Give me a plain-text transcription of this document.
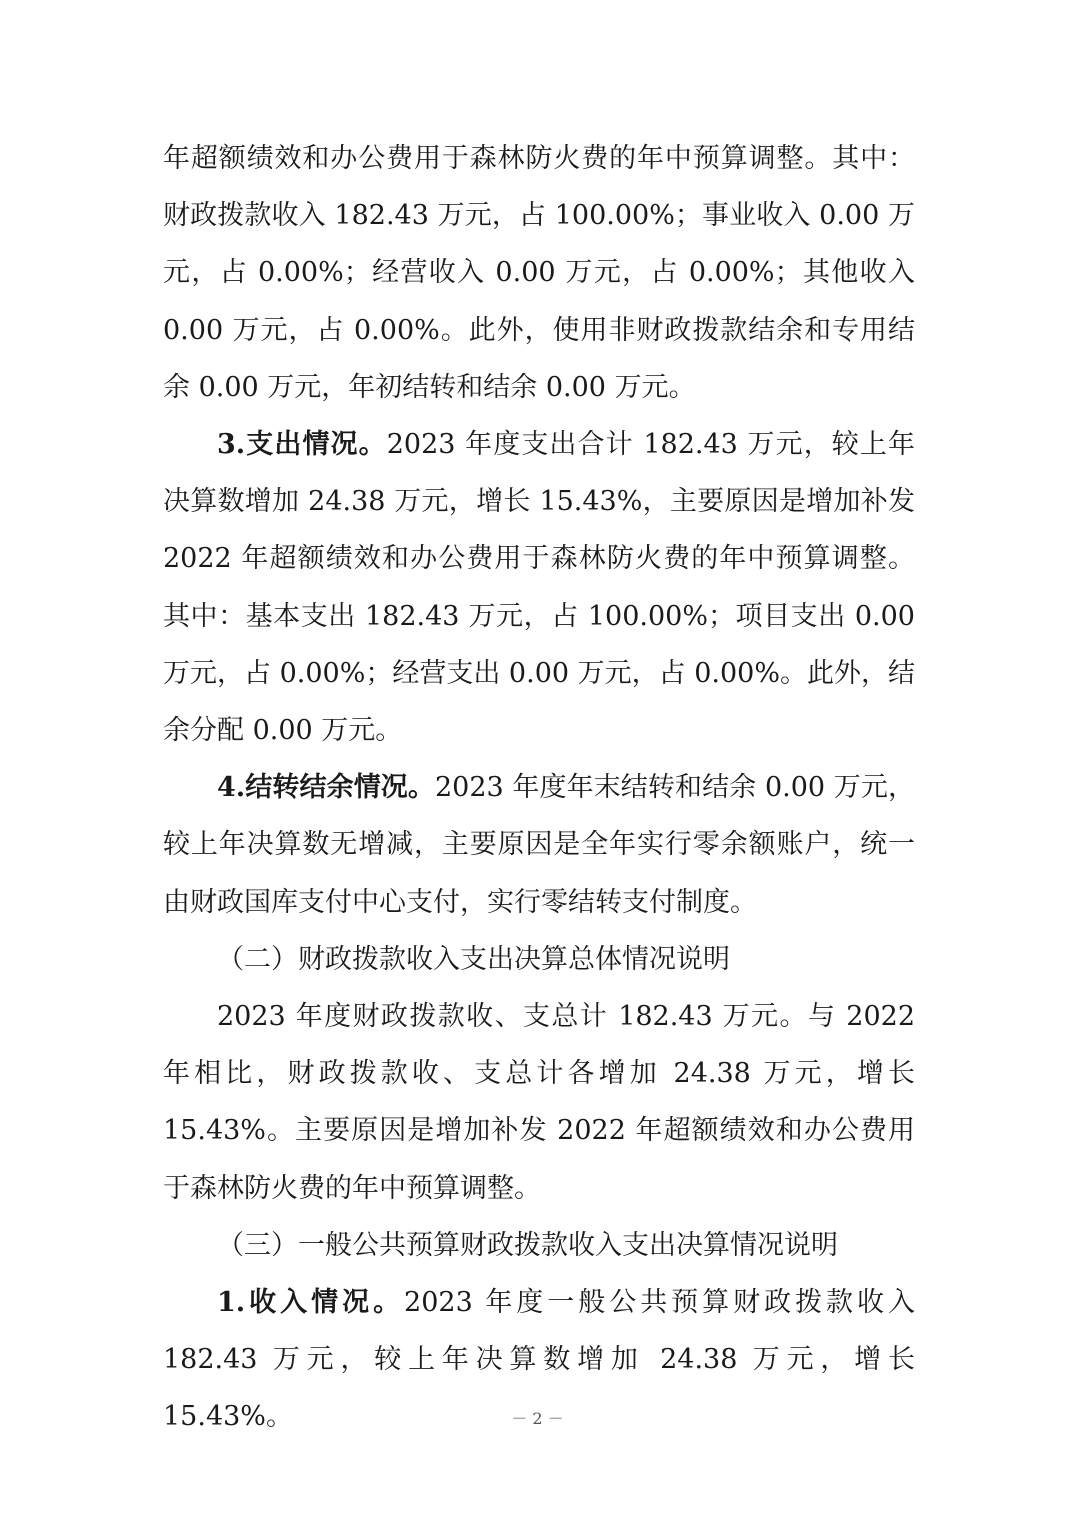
年超额绩效和办公费用于森林防火费的年中预算调整。其中：财政拨款收入 182.43 万元，占 100.00%；事业收入 0.00 万元，占 0.00%；经营收入 0.00 万元，占 0.00%；其他收入 0.00 万元，占 0.00%。此外，使用非财政拨款结余和专用结余 0.00 万元，年初结转和结余 0.00 万元。

3.支出情况。2023 年度支出合计 182.43 万元，较上年决算数增加 24.38 万元，增长 15.43%，主要原因是增加补发 2022 年超额绩效和办公费用于森林防火费的年中预算调整。其中：基本支出 182.43 万元，占 100.00%；项目支出 0.00 万元，占 0.00%；经营支出 0.00 万元，占 0.00%。此外，结余分配 0.00 万元。

4.结转结余情况。2023 年度年末结转和结余 0.00 万元，较上年决算数无增减，主要原因是全年实行零余额账户，统一由财政国库支付中心支付，实行零结转支付制度。

（二）财政拨款收入支出决算总体情况说明

2023 年度财政拨款收、支总计 182.43 万元。与 2022 年相比，财政拨款收、支总计各增加 24.38 万元，增长 15.43%。主要原因是增加补发 2022 年超额绩效和办公费用于森林防火费的年中预算调整。

（三）一般公共预算财政拨款收入支出决算情况说明

1.收入情况。2023 年度一般公共预算财政拨款收入 182.43 万元，较上年决算数增加 24.38 万元，增长 15.43%。	－ 2 －
